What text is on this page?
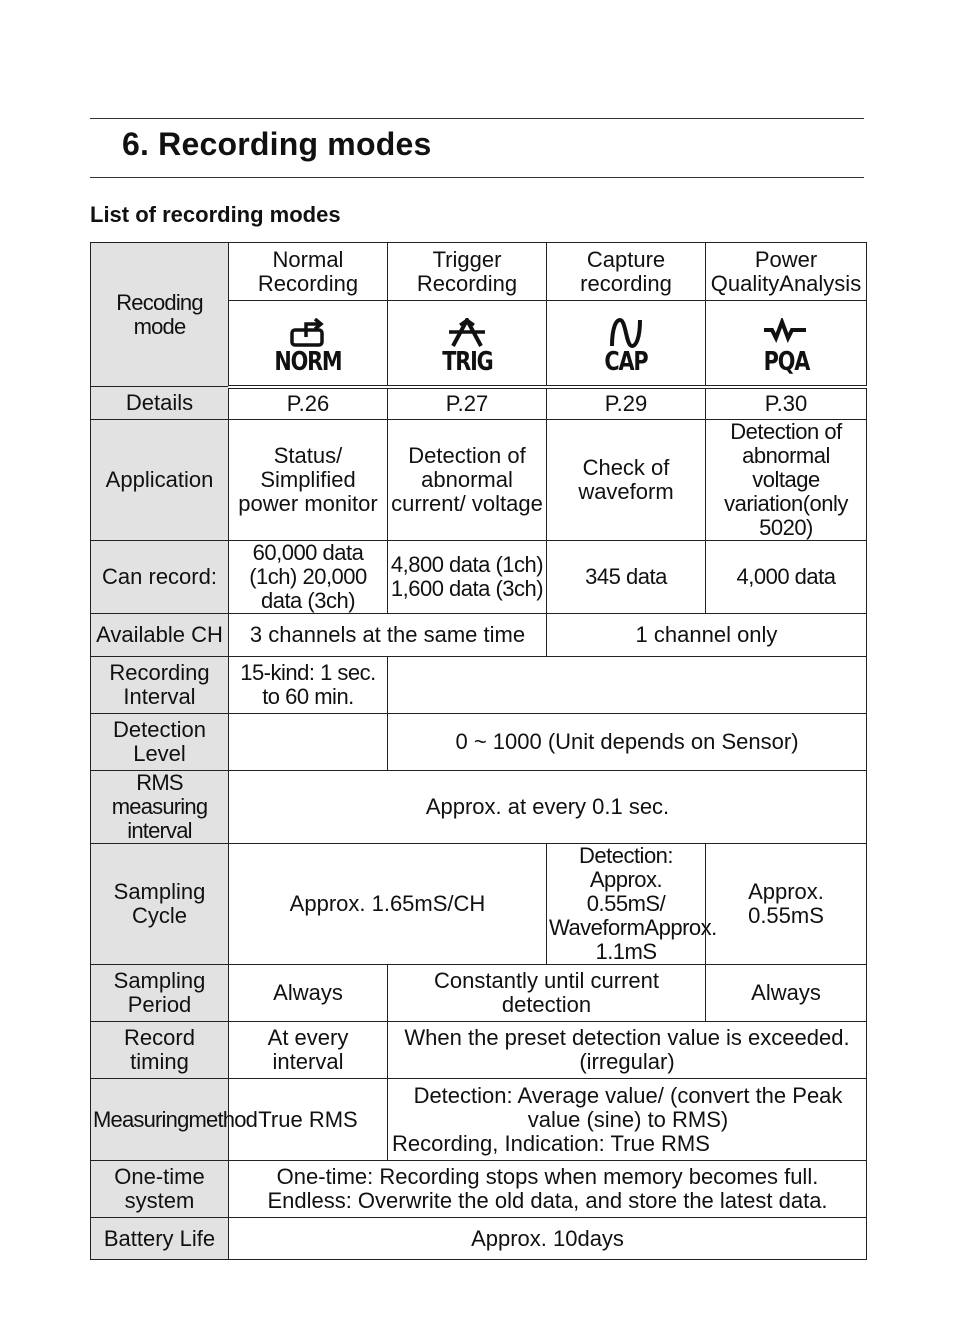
6. Recording modes
List of recording modes
Recoding mode	Normal Recording	Trigger Recording	Capture recording	Power QualityAnalysis

	NORM	TRIG	CAP	PQA

Details	P.26	P.27	P.29	P.30
Application	Status/ Simplified power monitor	Detection of abnormal current/ voltage	Check of waveform	Detection of abnormal voltage variation(only 5020)
Can record:	60,000 data (1ch) 20,000 data (3ch)	4,800 data (1ch) 1,600 data (3ch)	345 data	4,000 data
Available CH	3 channels at the same time		1 channel only	
Recording Interval	15-kind: 1 sec. to 60 min.			
Detection Level		0 ~ 1000 (Unit depends on Sensor)		
RMS measuring interval	Approx. at every 0.1 sec.			
Sampling Cycle	Approx. 1.65mS/CH		Detection: Approx. 0.55mS/ WaveformApprox. 1.1mS	Approx. 0.55mS
Sampling Period	Always	Constantly until current detection		Always
Record timing	At every interval	When the preset detection value is exceeded.(irregular)		
Measuringmethod	True RMS	Detection: Average value/ (convert the Peak value (sine) to RMS)
Recording, Indication: True RMS		

One-time system	One-time: Recording stops when memory becomes full.
Endless: Overwrite the old data, and store the latest data.			

Battery Life	Approx. 10days			
